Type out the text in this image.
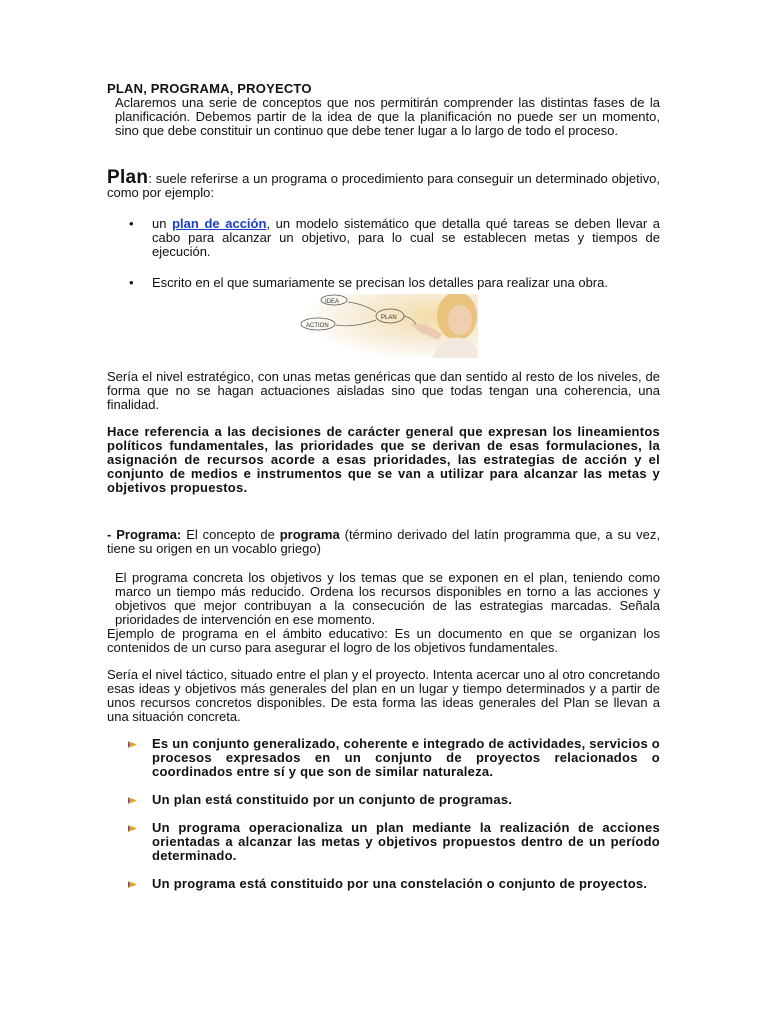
PLAN, PROGRAMA, PROYECTO

Aclaremos una serie de conceptos que nos permitirán comprender las distintas fases de la planificación. Debemos partir de la idea de que la planificación no puede ser un momento, sino que debe constituir un continuo que debe tener lugar a lo largo de todo el proceso.

Plan: suele referirse a un programa o procedimiento para conseguir un determinado objetivo, como por ejemplo:

• un plan de acción, un modelo sistemático que detalla qué tareas se deben llevar a cabo para alcanzar un objetivo, para lo cual se establecen metas y tiempos de ejecución.
• Escrito en el que sumariamente se precisan los detalles para realizar una obra.
IDEA
PLAN
ACTION

Sería el nivel estratégico, con unas metas genéricas que dan sentido al resto de los niveles, de forma que no se hagan actuaciones aisladas sino que todas tengan una coherencia, una finalidad.

Hace referencia a las decisiones de carácter general que expresan los lineamientos políticos fundamentales, las prioridades que se derivan de esas formulaciones, la asignación de recursos acorde a esas prioridades, las estrategias de acción y el conjunto de medios e instrumentos que se van a utilizar para alcanzar las metas y objetivos propuestos.

- Programa: El concepto de programa (término derivado del latín programma que, a su vez, tiene su origen en un vocablo griego)

El programa concreta los objetivos y los temas que se exponen en el plan, teniendo como marco un tiempo más reducido. Ordena los recursos disponibles en torno a las acciones y objetivos que mejor contribuyan a la consecución de las estrategias marcadas. Señala prioridades de intervención en ese momento.

Ejemplo de programa en el ámbito educativo: Es un documento en que se organizan los contenidos de un curso para asegurar el logro de los objetivos fundamentales.

Sería el nivel táctico, situado entre el plan y el proyecto. Intenta acercar uno al otro concretando esas ideas y objetivos más generales del plan en un lugar y tiempo determinados y a partir de unos recursos concretos disponibles. De esta forma las ideas generales del Plan se llevan a una situación concreta.

Es un conjunto generalizado, coherente e integrado de actividades, servicios o procesos expresados en un conjunto de proyectos relacionados o coordinados entre sí y que son de similar naturaleza.
Un plan está constituido por un conjunto de programas.
Un programa operacionaliza un plan mediante la realización de acciones orientadas a alcanzar las metas y objetivos propuestos dentro de un período determinado.
Un programa está constituido por una constelación o conjunto de proyectos.
